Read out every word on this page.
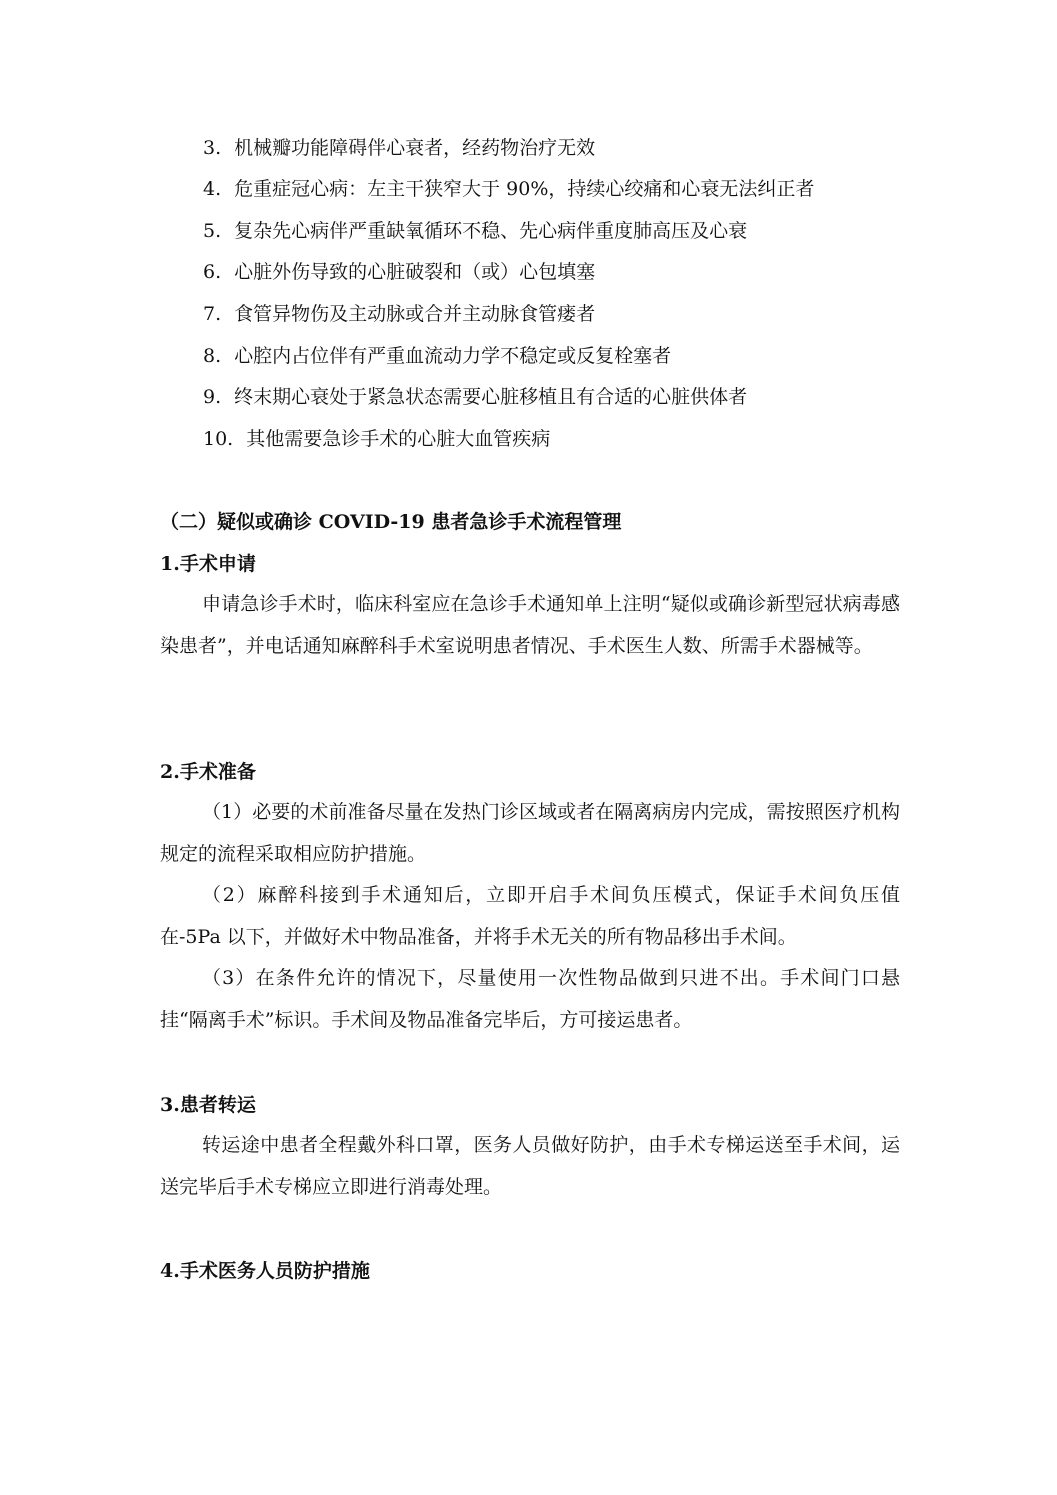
3. 机械瓣功能障碍伴心衰者，经药物治疗无效
4. 危重症冠心病：左主干狭窄大于 90%，持续心绞痛和心衰无法纠正者
5. 复杂先心病伴严重缺氧循环不稳、先心病伴重度肺高压及心衰
6. 心脏外伤导致的心脏破裂和（或）心包填塞
7. 食管异物伤及主动脉或合并主动脉食管瘘者
8. 心腔内占位伴有严重血流动力学不稳定或反复栓塞者
9. 终末期心衰处于紧急状态需要心脏移植且有合适的心脏供体者
10. 其他需要急诊手术的心脏大血管疾病
（二）疑似或确诊 COVID-19 患者急诊手术流程管理
1.手术申请

申请急诊手术时，临床科室应在急诊手术通知单上注明“疑似或确诊新型冠状病毒感染患者”，并电话通知麻醉科手术室说明患者情况、手术医生人数、所需手术器械等。

2.手术准备

（1）必要的术前准备尽量在发热门诊区域或者在隔离病房内完成，需按照医疗机构规定的流程采取相应防护措施。

（2）麻醉科接到手术通知后，立即开启手术间负压模式，保证手术间负压值在-5Pa 以下，并做好术中物品准备，并将手术无关的所有物品移出手术间。

（3）在条件允许的情况下，尽量使用一次性物品做到只进不出。手术间门口悬挂“隔离手术”标识。手术间及物品准备完毕后，方可接运患者。

3.患者转运

转运途中患者全程戴外科口罩，医务人员做好防护，由手术专梯运送至手术间，运送完毕后手术专梯应立即进行消毒处理。

4.手术医务人员防护措施
